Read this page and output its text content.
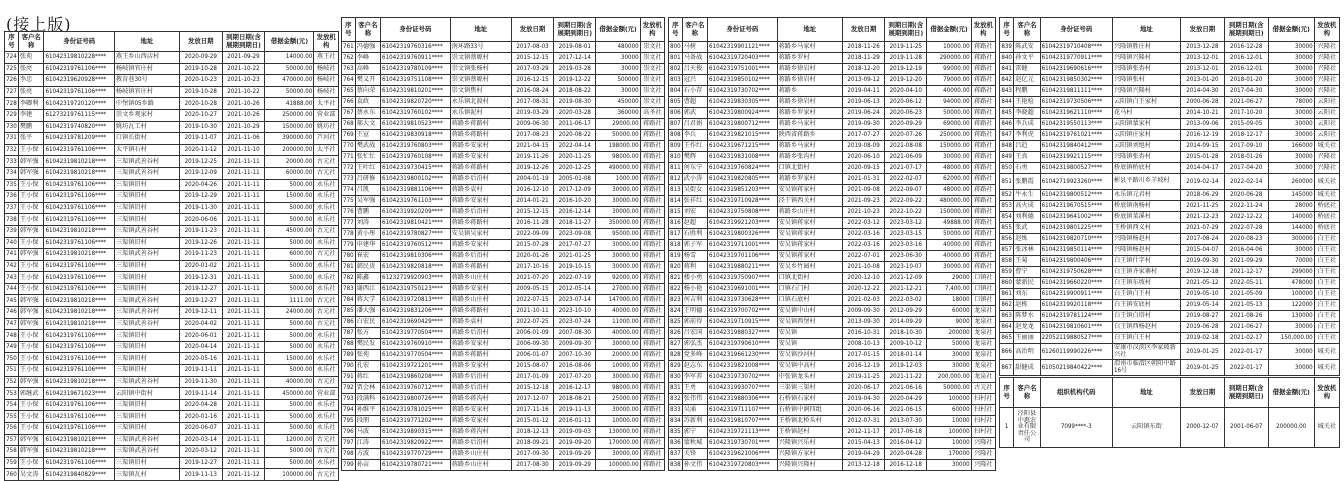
(接上版)
序号	客户名称	身份证号码	地址	发放日期	到期日期(含展期到期日)	借据金额(元)	发放机构
724	张苑	61042319810228****	燕王乡山西店村	2020-09-29	2021-09-29	14000.00	燕王社
725	张亮	61042319761106****	杨岐镇官庄村	2019-10-28	2021-10-22	50000.00	杨岐社
726	李忠	61042319620928****	教育巷30号	2020-10-23	2021-10-23	470000.00	杨岐社
727	张亮	61042319761106****	杨岐镇官庄村	2019-10-28	2021-10-22	50000.00	杨岐社
728	李卿利	61042319720120****	中堡镇05乡路	2020-10-28	2021-10-26	41888.00	太平社
729	李建	61273219761115****	崇文乡观家村	2020-10-27	2021-10-26	250000.00	营业部
730	樊鹏	61042319740820****	姚坊瓦工村	2019-10-30	2021-10-29	150000.00	姚坊社
731	张平	61042319781209****	口镇长街村	2019-11-07	2021-11-06	390000.00	芦河社
732	王小保	61042319761106****	太平镇石村	2020-11-12	2021-11-10	200000.00	太平社
733	韩军强	61042319810218****	三渠镇武善谷村	2019-12-25	2021-11-11	20000.00	古元社
734	韩军强	61042319810218****	三渠镇武善谷村	2019-12-09	2021-11-11	60000.00	古元社
735	王小保	61042319761106****	三渠镇旧村	2020-04-26	2021-11-11	5000.00	永乐社
736	王小保	61042319761106****	三渠镇旧村	2019-12-29	2021-11-11	15000.00	永乐社
737	王小保	61042319761106****	三渠镇旧村	2019-11-30	2021-11-11	5000.00	永乐社
738	王小保	61042319761106****	三渠镇旧村	2020-06-06	2021-11-11	5000.00	永乐社
739	韩军强	61042319810218****	三渠镇武善谷村	2019-11-23	2021-11-11	45000.00	古元社
740	王小保	61042319761106****	三渠镇旧村	2019-12-26	2021-11-11	5000.00	永乐社
741	韩军强	61042319810218****	三渠镇武善谷村	2019-11-23	2021-11-11	6000.00	古元社
742	王小保	61042319761106****	三渠镇旧村	2020-01-02	2021-11-11	5000.00	永乐社
743	王小保	61042319761106****	三渠镇旧村	2019-12-31	2021-11-11	5000.00	永乐社
744	王小保	61042319761106****	三渠镇旧村	2019-12-27	2021-11-11	5000.00	永乐社
745	韩军强	61042319810218****	三渠镇武善谷村	2019-12-27	2021-11-11	1111.00	古元社
746	韩军强	61042319810218****	三渠镇武善谷村	2019-12-11	2021-11-11	24000.00	古元社
747	韩军强	61042319810218****	三渠镇武善谷村	2020-04-02	2021-11-11	5000.00	古元社
748	王小保	61042319761106****	三渠镇旧村	2020-06-01	2021-11-11	5000.00	永乐社
749	王小保	61042319761106****	三渠镇旧村	2020-04-14	2021-11-11	5000.00	永乐社
750	王小保	61042319761106****	三渠镇旧村	2020-05-16	2021-11-11	15000.00	永乐社
751	王小保	61042319761106****	三渠镇旧村	2019-11-11	2021-11-11	5000.00	永乐社
752	韩军强	61042319810218****	三渠镇武善谷村	2019-11-30	2021-11-11	40000.00	古元社
753	郭继武	61042319671023****	云阳镇中街村	2019-11-14	2021-11-11	450000.00	营业部
754	王小保	61042319761106****	三渠镇旧村	2020-04-28	2021-11-11	5000.00	永乐社
755	王小保	61042319761106****	三渠镇旧村	2020-01-16	2021-11-11	5000.00	永乐社
756	王小保	61042319761106****	三渠镇旧村	2020-06-07	2021-11-11	5000.00	永乐社
757	韩军强	61042319810218****	三渠镇武善谷村	2020-03-14	2021-11-11	12000.00	古元社
758	韩军强	61042319810218****	三渠镇武善谷村	2020-03-12	2021-11-11	5000.00	古元社
759	王小保	61042319761106****	三渠镇旧村	2019-12-27	2021-11-11	5000.00	永乐社
760	吴文涛	61042319840829****	三渠镇瓦村	2019-11-13	2021-11-12	100000.00	古元社
序号	客户名称	身份证号码	地址	发放日期	到期日期(含展期到期日)	借据金额(元)	发放机构
761	冯德强	61042319760316****	南环路33号	2017-08-03	2019-08-01	480000	崇文社
762	李峰	61042319760911****	崇文镇蔡塬村	2015-12-15	2017-12-14	30000	崇文社
763	高峰	61042319780109****	崇文镇张杨村	2017-03-29	2019-03-28	30000	崇文社
764	樊义开	61042319751108****	崇文镇蔡塬村	2016-12-15	2019-12-22	500000	崇文社
765	蔡向荣	61042319810201****	崇文镇焦村	2016-08-24	2018-08-22	30000	崇文社
766	袁政	61042319820720****	永乐镇北渡村	2017-08-31	2019-08-30	450000	崇文社
767	蔡永东	61042319760102****	永乐镇泥村	2019-03-29	2020-03-28	360000	高圣社
768	郝大文	61042319810523****	蒋路乡蒋路村	2009-06-30	2011-06-17	29000.00	蒋路社
769	王宣	61042319830918****	蒋路乡蒋路村	2017-08-23	2020-08-22	50000.00	蒋路社
770	樊武战	61042319760803****	蒋路乡安家村	2021-04-15	2022-04-14	198000.00	蒋路社
771	张忙忙	61042319760108****	蒋路乡安家村	2019-11-26	2020-11-25	98000.00	蒋路社
772	王叶红	61042319730415****	蒋路乡蒋路村	2019-12-26	2020-12-25	490000.00	蒋路社
773	吕研修	61042319800102****	蒋路乡后沿村	2004-01-19	2005-01-08	1000.00	蒋路社
774	吕凯	61042319881106****	蒋路乡袁村	2016-12-10	2017-12-09	30000.00	蒋路社
775	吴军强	61042319761103****	蒋路乡安家村	2014-01-21	2016-10-20	30000.00	蒋路社
776	曹鹏	61042319920209****	蒋路乡后沿村	2015-12-15	2016-12-14	30000.00	蒋路社
777	刘涛	61042319810421****	蒋路乡蒋路村	2016-11-28	2018-11-27	350000.00	蒋路社
778	黄小彤	61042319780827****	安吴镇吴家村	2022-09-09	2023-09-08	95000.00	蒋路社
779	申建华	61042319760512****	蒋路乡安家村	2015-07-28	2017-07-27	30000.00	蒋路社
780	崔宏	61042319810306****	蒋路乡后沿村	2020-01-26	2021-01-25	30000.00	蒋路社
781	韩民贵	61042319820818****	蒋路乡蒋路村	2017-10-16	2019-10-15	30000.00	蒋路社
782	陈鑫	61232719920903****	蒋路乡山庄村	2021-07-20	2022-07-19	92000.00	蒋路社
783	谢西江	61042319750123****	蒋路乡安家村	2009-05-15	2012-05-14	27000.00	蒋路社
784	蒋大学	61042319720813****	蒋路乡山庄村	2022-07-15	2023-07-14	147000.00	蒋路社
785	潘大强	61042319831206****	蒋路乡蒋路村	2021-10-11	2023-10-10	40000.00	蒋路社
786	白宏民	61042319690429****	蒋路乡袁村	2022-07-25	2023-07-24	11000.00	蒋路社
787	张方	61042319770504****	蒋路乡后沿村	2006-01-09	2007-08-30	40000.00	蒋路社
788	樊民发	61042319760910****	蒋路乡安家村	2006-09-30	2009-09-30	30000.00	蒋路社
789	张苑	61042319770504****	蒋路乡蒋路村	2006-01-07	2007-10-30	20000.00	蒋路社
790	孔宏	61042319721201****	蒋路乡安家村	2015-08-07	2016-08-06	10000.00	蒋路社
791	蒋红	61042319860208****	蒋路乡后沿村	2017-01-09	2017-07-20	30000.00	蒋路社
792	贾会林	61042319760712****	蒋路乡后沿村	2015-12-18	2016-12-17	98000.00	蒋路社
793	段满科	61042319800726****	蒋路乡蒋沟村	2017-12-07	2018-08-21	25000.00	蒋路社
794	孙维平	61042319781025****	蒋路乡安家村	2017-11-16	2019-11-13	30000.00	蒋路社
795	段朋	61042319771202****	蒋路乡安家村	2015-01-12	2016-01-11	10000.00	蒋路社
796	马波	61042319890315****	蒋路乡蒋沟村	2018-12-13	2019-09-03	130000.00	蒋路社
797	江涛	61042319820922****	蒋路乡后沿村	2018-09-21	2019-09-20	170000.00	蒋路社
798	方波	61042319770729****	蒋路乡山庄村	2017-09-30	2019-09-29	30000.00	蒋路社
799	孙亩	61042319780721****	蒋路乡山庄村	2017-08-30	2019-09-29	100000.00	蒋路社
序号	客户名称	身份证号码	地址	发放日期	到期日期(含展期到期日)	借据金额(元)	发放机构
800	马树	61042319901121****	蒋路乡马家村	2018-11-26	2019-11-25	10000.00	蒋路社
801	马备战	61042319720403****	蒋路乡罗村	2018-11-29	2019-11-28	290000.00	蒋路社
802	吕天俊	61042319751001****	蒋路乡徐岩村	2018-12-20	2019-12-19	99000.00	蒋路社
803	冠兴	61042319850102****	蒋路乡徐岩村	2013-09-12	2019-12-20	79000.00	蒋路社
804	石小存	61042319730702****	蒋路乡	2019-04-11	2020-04-10	40000.00	蒋路社
805	曹超	61042319830305****	蒋路乡徐岩村	2019-06-13	2020-06-12	94000.00	蒋路社
806	郭武	61042319800924****	蒋路乡罗家村	2019-06-24	2020-06-23	50000.00	蒋路社
807	吕君娟	61042319800712****	蒋路乡马家村	2019-09-30	2020-09-29	69000.00	蒋路社
808	李兵	61042319821015****	陕西省蒋路乡	2017-07-27	2020-07-26	250000.00	蒋路社
809	王作红	61042319671215****	蒋路乡马家村	2019-08-09	2021-08-08	150000.00	蒋路社
810	樊辉	61042319831008****	蒋路乡张沟村	2020-06-10	2021-06-09	30000.00	蒋路社
811	何东宁	61042319760824****	口镇北街村	2020-09-15	2021-07-17	48000.00	蒋路社
812	武小涛	61042319820805****	蒋路乡罗家村	2021-01-31	2022-02-07	62000.00	蒋路社
813	吴街女	61042319851203****	安吴镇蒋家村	2021-09-08	2022-09-07	48000.00	蒋路社
814	张祥红	61042319710928****	泾干镇西关村	2021-09-23	2022-09-22	480000.00	蒋路社
815	刘宏	61042319750808****	蒋路乡山庄村	2021-10-23	2022-10-22	150000.00	蒋路社
816	赵超	61042319921203****	安吴镇蒋家村	2022-03-12	2023-03-12	49888.00	蒋路社
817	石胜利	61042319800326****	安吴镇蒋家村	2022-03-16	2023-03-15	50000.00	蒋路社
818	郭子军	61042319711001****	安吴镇蒋家村	2022-03-16	2023-03-16	40000.00	蒋路社
819	杨雪	61042319701106****	安吴镇蒋家村	2022-07-01	2023-06-30	40000.00	蒋路社
820	蒋利	61042319880211****	安吴乡竹园村	2021-10-08	2023-10-07	30000.00	蒋路社
821	楼小勇	61042319750907****	口镇北街村	2020-12-10	2021-12-09	29000	口镇社
822	杨小艳	61042319691001****	口镇石门村	2020-12-22	2021-12-21	7,400.00	口镇社
823	何吉利	61042319730628****	口镇石底村	2021-02-03	2022-03-02	18000	口镇社
824	王明德	61042319700702****	安吴镇中山村	2009-09-30	2012-09-29	60000	龙泉社
825	郭前得	61042319710915****	安吴镇西堡村	2013-09-30	2014-09-29	9000	龙泉社
826	吕宏国	61042319880327****	安吴镇	2016-10-31	2018-10-30	200000	龙泉社
827	郭弘杰	61042319790610****	安吴镇	2008-10-13	2009-10-12	50000	龙泉社
828	党多峰	61042319661230****	安吴镇沙河村	2017-01-15	2018-01-14	30000	龙泉社
829	赵志东	61042319821008****	安吴镇中高村	2016-12-19	2019-12-03	30000	龙泉社
830	李军养	61042319730702****	中张镇龙头村	2019-11-25	2021-11-22	200,000.00	龙泉社
831	王勇	61042319930707****	三渠镇三渠村	2020-06-17	2021-06-16	50000.00	古元社
832	张伟伟	61042319880306****	石桥镇石家村	2019-04-30	2020-04-29	100000	扫村社
833	吴涌	61042319711107****	石桥镇中涧四组	2020-06-16	2021-06-15	60000	扫村社
834	苏新利	61042319810707****	王桥镇北桥头村	2012-07-31	2013-07-30	10000	扫村社
835	郭宁	61042319721113****	王桥镇赵村	2012-11-17	2017-06-18	100000	扫村社
836	蒙秋城	61042319730701****	兴隆镇兴乐村	2015-04-13	2016-04-12	10000	兴隆社
837	关锋	61042319621006****	兴隆镇方家村	2019-04-29	2020-04-28	170000	兴隆社
838	孙文伟	61042319720803****	兴隆镇兴隆村	2013-12-18	2016-12-18	30000	兴隆社
序号	客户名称	身份证号码	地址	发放日期	到期日期(含展期到期日)	借据金额(元)	发放机构
839	陈武安	61042319710408****	兴隆镇胜庄村	2013-12-28	2016-12-28	30000	兴隆社
840	孙文平	61042319770911****	兴隆镇兴隆村	2013-12-01	2016-12-01	30000	兴隆社
841	雷健	61042319690616****	兴隆镇张杏村	2013-12-01	2016-12-01	30000	兴隆社
842	赵亿元	61042319850302****	兴隆镇张村	2013-01-20	2018-01-20	30000	兴隆社
843	程鹏	61042319811111****	兴隆镇兴隆村	2014-04-30	2017-04-30	30000	兴隆社
844	王艳检	61042319730506****	云阳镇白王家村	2000-06-28	2021-06-27	78000	云阳社
845	李晓超	61042319621110****	花马村	2014-10-21	2017-10-20	30000	云阳社
846	李兵成	61042319550113****	云阳镇蒙家村	2013-09-06	2015-09-05	30000	云阳社
847	李利虎	61042319761021****	云阳镇庄家村	2016-12-19	2018-12-17	30000	云阳社
848	吕趋	61042319840412****	云阳镇刘旭村	2014-09-15	2017-09-10	166000	城关社
849	王真	61042319921115****	兴隆镇张杏村	2015-01-28	2018-01-26	30000	兴隆社
850	石勇	61042319800527****	桥底镇桥底村	2014-04-17	2017-04-20	30000	兴隆社
851	张鹏霞	61042719923260****	彬县平路川乡羊坡村	2019-02-14	2022-02-14	260000	城关社
852	牛永生	61042319800512****	永乐镇元君村	2018-06-29	2020-06-28	145000	城关社
853	高火成	61042319670515****	桥底镇南杨村	2021-11-25	2022-11-24	28000	桥底社
854	刘利德	61042319641002****	桥底镇菜溪村	2021-12-23	2022-12-22	140000	桥底社
855	张武	61042319801225****	王桥镇西义村	2021-07-29	2022-07-28	144000	桥底社
856	赵炼	61042319820710****	兴隆镇杨赵村	2017-08-24	2020-08-23	300000	白王社
857	张冰林	61042319850114****	兴隆镇杨赵村	2015-04-07	2016-04-06	30000	白王社
858	王菊	61042319800406****	白王镇什字村	2019-09-30	2021-09-29	70000	白王社
859	曹宁	61042319750628****	白王镇齐家寨村	2019-12-18	2021-12-17	299000	白王社
860	蒙新民	61042319660220****	白王镇东坡村	2021-05-12	2022-05-11	478000	白王社
861	刘东	61042319900911****	白王镇白王村	2019-05-10	2021-05-09	100000	白王社
862	赵栋	61042319920118****	白王镇安底村	2019-05-14	2021-05-13	122000	白王社
863	陈梦水	61042319781124****	白王镇白塔村	2019-08-27	2021-08-26	130000	白王社
864	赵龙龙	61042319810601****	白王镇西杨赵村	2019-06-28	2021-06-27	30000	白王社
865	王丽丽	22052119880527****	白王镇白王村	2019-02-18	2021-02-17	150,000.00	白王社
866	高治明	61260119990226****	安康市汉滨区李家坡新兴社	2019-01-25	2022-01-17	30000	城关社
867	甜健成	61050219840422****	渭南市临渭区朝阳中路16号	2019-01-25	2022-01-17	30000	城关社
序号	客户名称	组织机构代码	地址	发放日期	到期日期(含展期到期日)	借据金额(元)	发放机构
1	泾阳县中惠农业有限责任公司	7099****-3	云阳镇东街	2000-12-07	2001-06-07	200000.00	城关社
